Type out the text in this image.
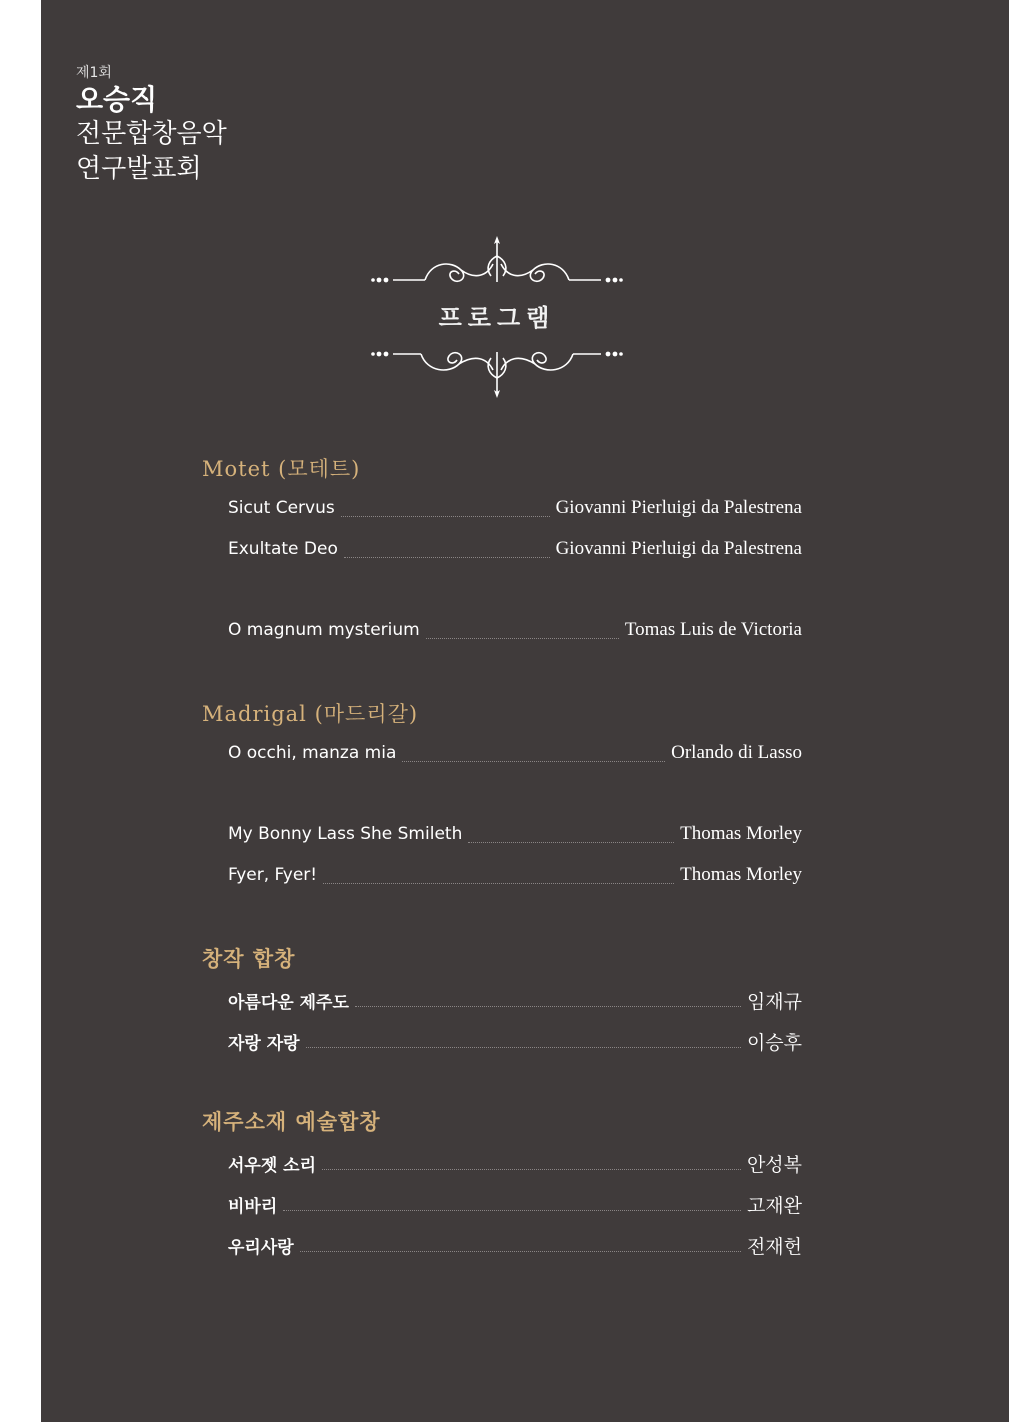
제1회
오승직
전문합창음악
연구발표회
프로그램
Motet (모테트)
Sicut Cervus	Giovanni Pierluigi da Palestrena
Exultate Deo	Giovanni Pierluigi da Palestrena
O magnum mysterium	Tomas Luis de Victoria
Madrigal (마드리갈)
O occhi, manza mia	Orlando di Lasso
My Bonny Lass She Smileth	Thomas Morley
Fyer, Fyer!	Thomas Morley
창작 합창
아름다운 제주도	임재규
자랑 자랑	이승후
제주소재 예술합창
서우젯 소리	안성복
비바리	고재완
우리사랑	전재헌
